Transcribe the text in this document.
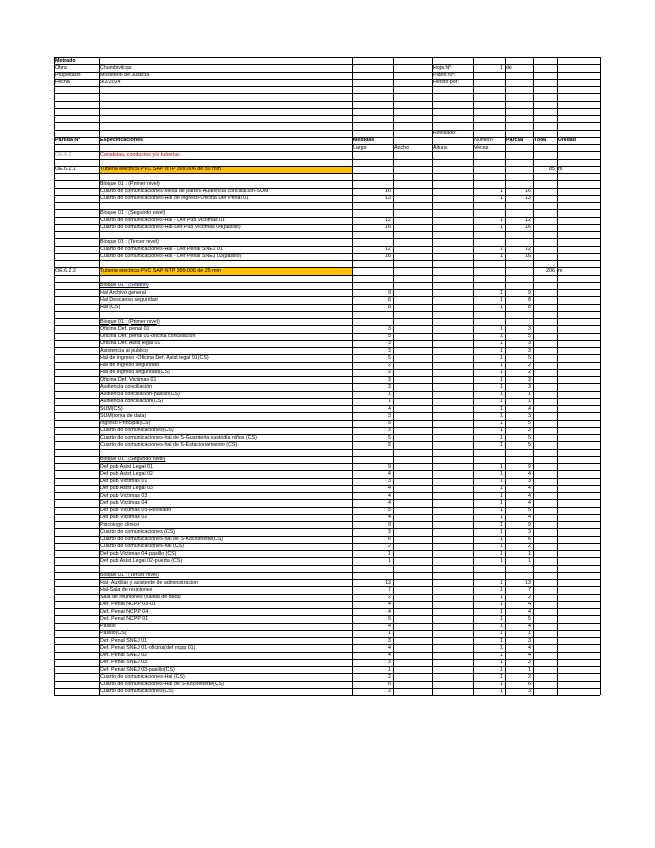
Metrado
Obra	Chumbivilcas	Hoja Nº	1 de
Propietario	Ministerio de Justicia	Plano Nº:
Fecha	9/2/2024	Hecho por:
Revisado:
Partida Nº	Especificaciones	Medidas	Numero	Parcial	Total	Unidad
Largo	Ancho	Altura	Veces
OE.6.2	Canaletas, conductos y/o tuberias
OE.6.2.1	Tuberia electrica PVC SAP NTP 399.006 de 50 mm	85 m
Bloque 01 : (Primer nivel)
Cuarto de comunicaciones-Mesa de partes-Audiencia conciliación-SUM	16	1	16
Cuarto de comunicaciones-Hal de ingreso-Oficina Def Penal 01	13	1	13
Bloque 01 : (Segundo nivel)
Cuarto de comunicaciones-Hal - Def Pub Victimas 01	12	1	12
Cuarto de comunicaciones-Hal-Def Pub Victimas 04(pasillo)	16	1	16
Bloque 01 : (Tercer nivel)
Cuarto de comunicaciones-Hal - Def Penal SNEJ 01	12	1	12
Cuarto de comunicaciones-Hal - Def Penal SNEJ 03(pasillo)	16	1	16
OE.6.2.2	Tuberia electrica PVC SAP NTP 399.006 de 25 mm	206 m
Bloque 01 : (Sótano)
Hal Archivo general	9	1	9
Hal Descanso seguridad	8	1	8
Hal (CS)	8	1	8
Bloque 01 : (Primer nivel)
Oficina Def. penal 01	3	1	3
Oficina Def. penal 01-oficina conciliación	5	1	5
Oficina Def. Asist legal 01	3	1	3
Asistencia al publico	3	1	3
Hal de ingreso -Oficina Def. Asist legal 01(CS)	5	1	5
Hal de ingreso seguridad	2	1	2
Hal de ingreso seguridad(CS)	2	1	2
Oficina Def. Victimas 01	3	1	3
Audiencia conciliación	3	1	3
Audiencia conciliación-pasillo(CS)	1	1	1
Audiencia conciliación(CS)	1	1	1
SUM(CS)	4	1	4
SUM(toma de data)	3	1	3
Ingreso Principal(CS)	5	1	5
Cuarto de comunicaciones(CS)	3	1	3
Cuarto de comunicaciones-hal de S-Guarderia custodia niños (CS)	5	1	5
Cuarto de comunicaciones-hal de S-Estacionamiento (CS)	5	1	5
Bloque 01 : (Segundo nivel)
Def pub Asist Legal 01	9	1	9
Def pub Asist Legal 02	4	1	4
Def pub Victimas 01	3	1	3
Def pub Asist Legal 03	4	1	4
Def pub Victimas 03	4	1	4
Def pub Victimas 04	4	1	4
Def pub Victimas 05-Revisado	5	1	5
Def pub Victimas 02	4	1	4
Psicologo clinico	9	1	9
Cuarto de comunicaciones (CS)	3	1	3
Cuarto de comunicaciones-hal de S-Kitchenette(CS)	6	1	6
Cuarto de comunicaciones-hal (CS)	2	1	2
Def pub Victimas 04-pasillo (CS)	1	1	1
Def pub Asist Legal 02-puerta (CS)	1	1	1
Bloque 01 : (Tercer nivel)
Hal- Auxiliar y asistente de administracion	13	1	13
Hal-Sala de reuniones	7	1	7
Sala de reuniones (salida de data)	2	1	2
Def. Penal NCPP 03-01	4	1	4
Def. Penal NCPP 04	4	1	4
Def. Penal NCPP 01	5	1	5
Pasillo	4	1	4
Pasillo(CS)	1	1	1
Def. Penal SNEJ 01	3	1	3
Def. Penal SNEJ 01-oficina(def ncpp 01)	4	1	4
Def. Penal SNEJ 02	4	1	4
Def. Penal SNEJ 03	3	1	3
Def. Penal SNEJ 03-pasillo(CS)	1	1	1
Cuarto de comunicaciones-Hal (CS)	2	1	2
Cuarto de comunicaciones-Hal de S-Kitchenette(CS)	6	1	6
Cuarto de comunicaciones(CS)	3	1	3
